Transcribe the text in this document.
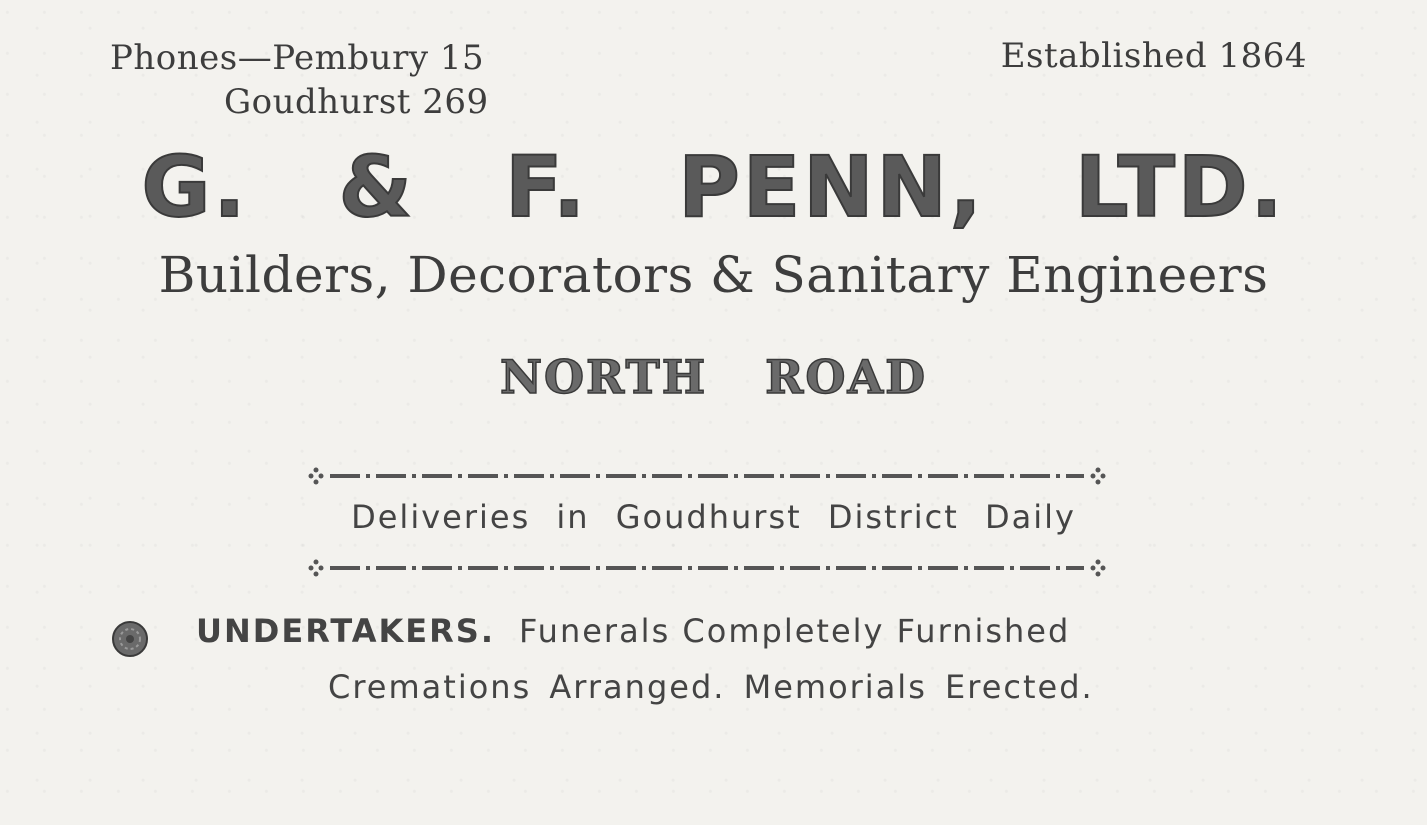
Phones—Pembury 15
Goudhurst 269
Established 1864
G. & F. PENN, LTD.
Builders, Decorators & Sanitary Engineers
NORTH ROAD
Deliveries in Goudhurst District Daily
UNDERTAKERS. Funerals Completely Furnished
Cremations Arranged. Memorials Erected.
